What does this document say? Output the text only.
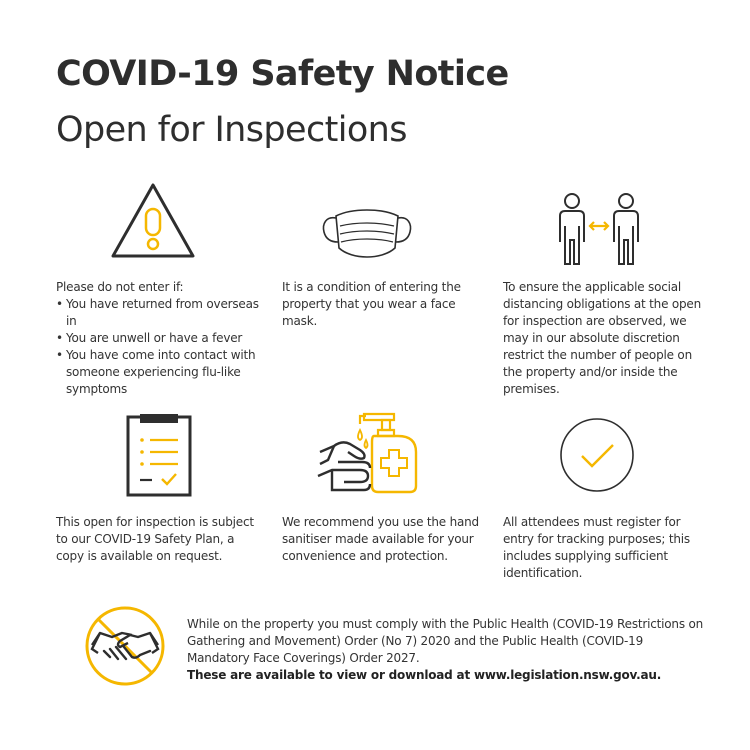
COVID-19 Safety Notice
Open for Inspections

Please do not enter if:

• You have returned from overseas in
• You are unwell or have a fever
• You have come into contact with someone experiencing flu-like symptoms
It is a condition of entering the property that you wear a face mask.
To ensure the applicable social distancing obligations at the open for inspection are observed, we may in our absolute discretion restrict the number of people on the property and/or inside the premises.
This open for inspection is subject to our COVID-19 Safety Plan, a copy is available on request.
We recommend you use the hand sanitiser made available for your convenience and protection.
All attendees must register for entry for tracking purposes; this includes supplying sufficient identification.
While on the property you must comply with the Public Health (COVID-19 Restrictions on Gathering and Movement) Order (No 7) 2020 and the Public Health (COVID-19 Mandatory Face Coverings) Order 2027.
These are available to view or download at www.legislation.nsw.gov.au.
